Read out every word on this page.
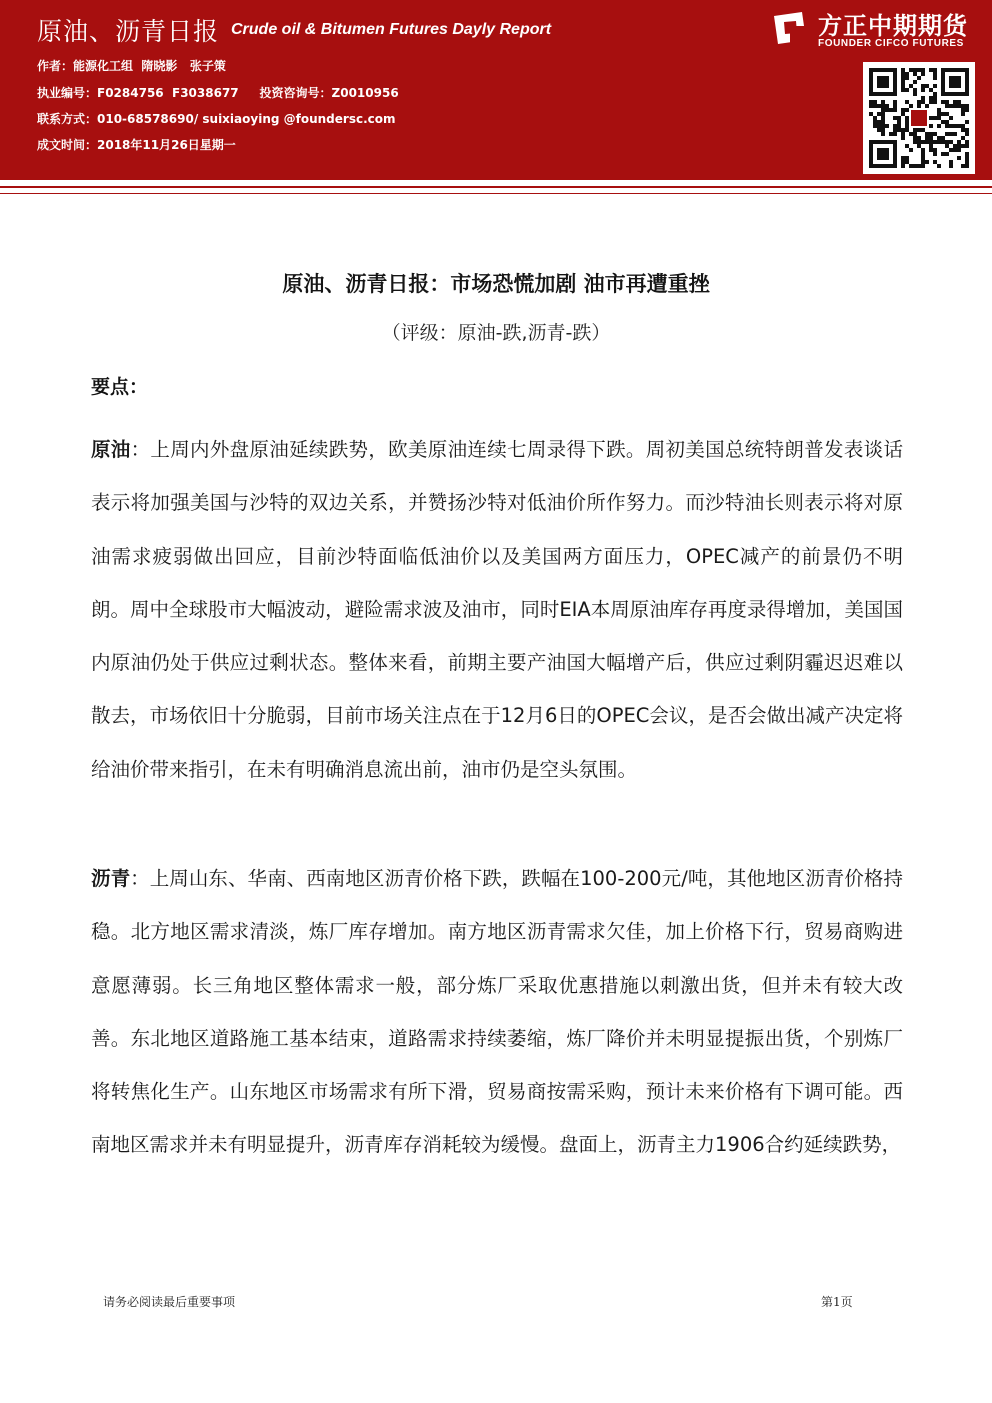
原油、沥青日报 Crude oil & Bitumen Futures Dayly Report
作者：能源化工组  隋晓影   张子策
执业编号：F0284756  F3038677     投资咨询号：Z0010956
联系方式：010-68578690/ suixiaoying @foundersc.com
成文时间：2018年11月26日星期一
方正中期期货
FOUNDER CIFCO FUTURES
原油、沥青日报：市场恐慌加剧 油市再遭重挫
（评级：原油-跌,沥青-跌）
要点：
原油：上周内外盘原油延续跌势，欧美原油连续七周录得下跌。周初美国总统特朗普发表谈话表示将加强美国与沙特的双边关系，并赞扬沙特对低油价所作努力。而沙特油长则表示将对原油需求疲弱做出回应，目前沙特面临低油价以及美国两方面压力，OPEC减产的前景仍不明朗。周中全球股市大幅波动，避险需求波及油市，同时EIA本周原油库存再度录得增加，美国国内原油仍处于供应过剩状态。整体来看，前期主要产油国大幅增产后，供应过剩阴霾迟迟难以散去，市场依旧十分脆弱，目前市场关注点在于12月6日的OPEC会议，是否会做出减产决定将给油价带来指引，在未有明确消息流出前，油市仍是空头氛围。
沥青：上周山东、华南、西南地区沥青价格下跌，跌幅在100-200元/吨，其他地区沥青价格持稳。北方地区需求清淡，炼厂库存增加。南方地区沥青需求欠佳，加上价格下行，贸易商购进意愿薄弱。长三角地区整体需求一般，部分炼厂采取优惠措施以刺激出货，但并未有较大改善。东北地区道路施工基本结束，道路需求持续萎缩，炼厂降价并未明显提振出货，个别炼厂将转焦化生产。山东地区市场需求有所下滑，贸易商按需采购，预计未来价格有下调可能。西南地区需求并未有明显提升，沥青库存消耗较为缓慢。盘面上，沥青主力1906合约延续跌势，
请务必阅读最后重要事项	第1页
